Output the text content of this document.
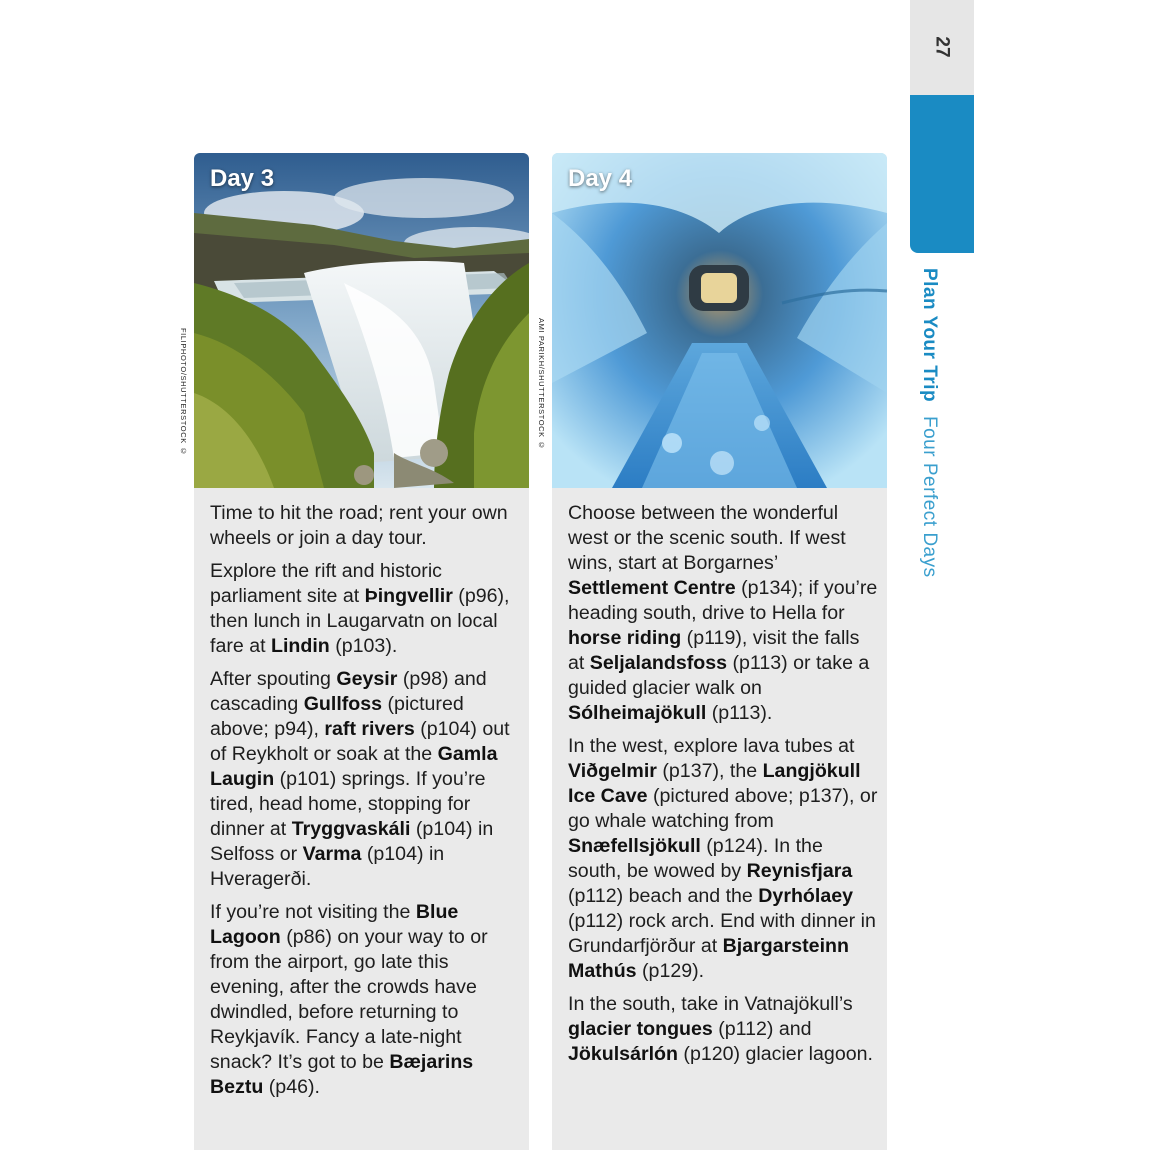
27
Plan Your Trip Four Perfect Days
FILIPHOTO/SHUTTERSTOCK ©	AMI PARIKH/SHUTTERSTOCK ©
Day 3

Time to hit the road; rent your own wheels or join a day tour.

Explore the rift and historic parliament site at Þingvellir (p96), then lunch in Laugarvatn on local fare at Lindin (p103).

After spouting Geysir (p98) and cascading Gullfoss (pictured above; p94), raft rivers (p104) out of Reykholt or soak at the Gamla Laugin (p101) springs. If you’re tired, head home, stopping for dinner at Tryggvaskáli (p104) in Selfoss or Varma (p104) in Hveragerði.

If you’re not visiting the Blue Lagoon (p86) on your way to or from the airport, go late this evening, after the crowds have dwindled, before returning to Reykjavík. Fancy a late-night snack? It’s got to be Bæjarins Beztu (p46).

Day 4

Choose between the wonderful west or the scenic south. If west wins, start at Borgarnes’ Settlement Centre (p134); if you’re heading south, drive to Hella for horse riding (p119), visit the falls at Seljalandsfoss (p113) or take a guided glacier walk on Sólheimajökull (p113).

In the west, explore lava tubes at Viðgelmir (p137), the Langjökull Ice Cave (pictured above; p137), or go whale watching from Snæfellsjökull (p124). In the south, be wowed by Reynisfjara (p112) beach and the Dyrhólaey (p112) rock arch. End with dinner in Grundarfjörður at Bjargarsteinn Mathús (p129).

In the south, take in Vatnajökull’s glacier tongues (p112) and Jökulsárlón (p120) glacier lagoon.
